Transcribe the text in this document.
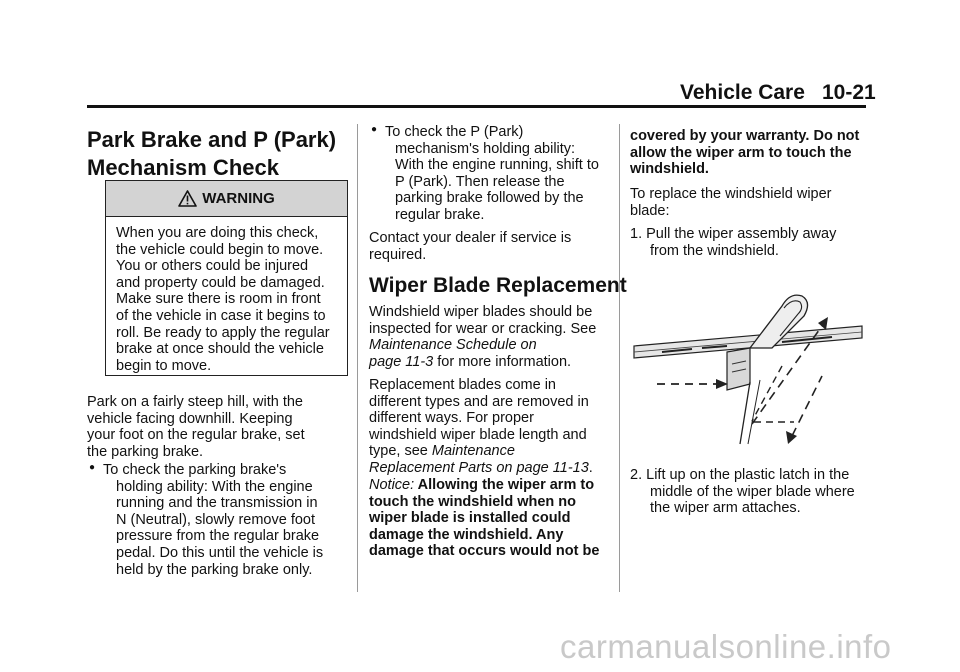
Vehicle Care 10-21
Park Brake and P (Park)
Mechanism Check
WARNING
When you are doing this check,
the vehicle could begin to move.
You or others could be injured
and property could be damaged.
Make sure there is room in front
of the vehicle in case it begins to
roll. Be ready to apply the regular
brake at once should the vehicle
begin to move.
Park on a fairly steep hill, with the
vehicle facing downhill. Keeping
your foot on the regular brake, set
the parking brake.
● To check the parking brake's
holding ability: With the engine
running and the transmission in
N (Neutral), slowly remove foot
pressure from the regular brake
pedal. Do this until the vehicle is
held by the parking brake only.
● To check the P (Park)
mechanism's holding ability:
With the engine running, shift to
P (Park). Then release the
parking brake followed by the
regular brake.
Contact your dealer if service is
required.
Wiper Blade Replacement
Windshield wiper blades should be
inspected for wear or cracking. See
Maintenance Schedule on
page 11-3 for more information.
Replacement blades come in
different types and are removed in
different ways. For proper
windshield wiper blade length and
type, see Maintenance
Replacement Parts on page 11-13.
Notice: Allowing the wiper arm to
touch the windshield when no
wiper blade is installed could
damage the windshield. Any
damage that occurs would not be
covered by your warranty. Do not
allow the wiper arm to touch the
windshield.
To replace the windshield wiper
blade:
1. Pull the wiper assembly away
from the windshield.
2. Lift up on the plastic latch in the
middle of the wiper blade where
the wiper arm attaches.
carmanualsonline.info
